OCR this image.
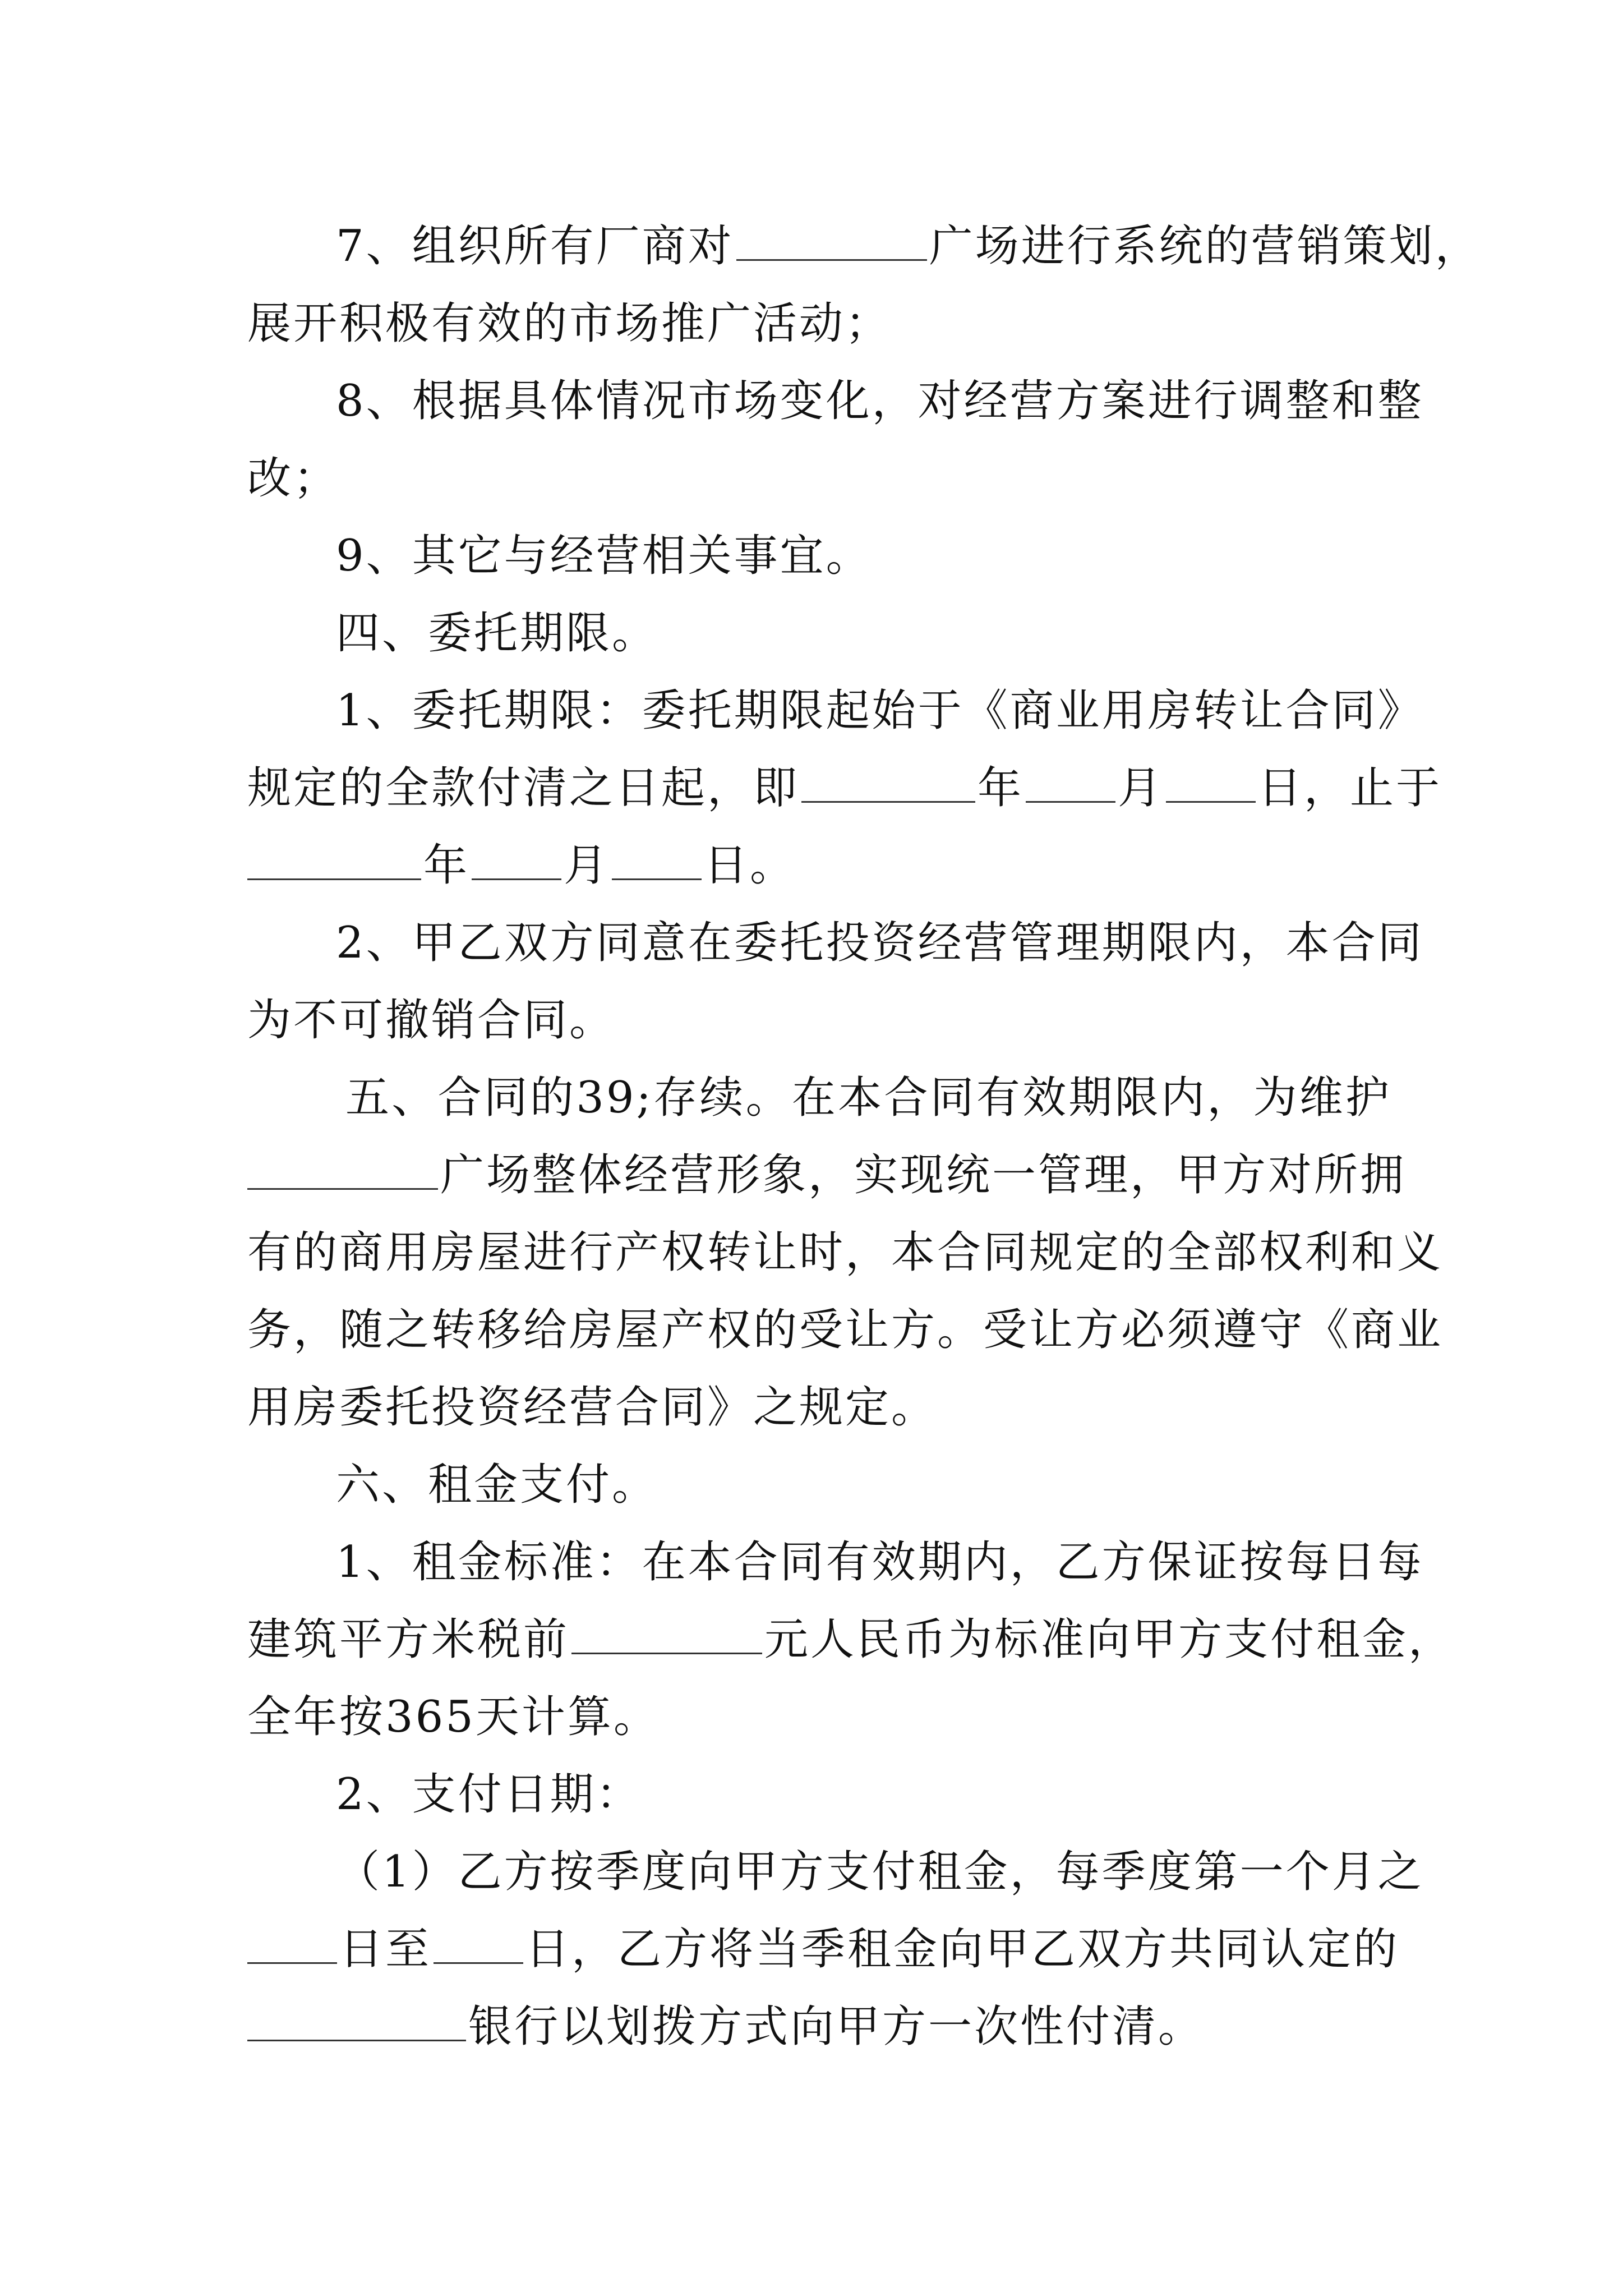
7、组织所有厂商对	广场进行系统的营销策划，
展开积极有效的市场推广活动；
8、根据具体情况市场变化，对经营方案进行调整和整
改；
9、其它与经营相关事宜。
四、委托期限。
1、委托期限：委托期限起始于《商业用房转让合同》
规定的全款付清之日起，即	年 月 日，止于
年 月 日。
2、甲乙双方同意在委托投资经营管理期限内，本合同
为不可撤销合同。
五、合同的39;存续。在本合同有效期限内，为维护
广场整体经营形象，实现统一管理，甲方对所拥
有的商用房屋进行产权转让时，本合同规定的全部权利和义
务，随之转移给房屋产权的受让方。受让方必须遵守《商业
用房委托投资经营合同》之规定。
六、租金支付。
1、租金标准：在本合同有效期内，乙方保证按每日每
建筑平方米税前	元人民币为标准向甲方支付租金，
全年按365天计算。
2、支付日期：
（1）乙方按季度向甲方支付租金，每季度第一个月之
日至 日，乙方将当季租金向甲乙双方共同认定的
银行以划拨方式向甲方一次性付清。
